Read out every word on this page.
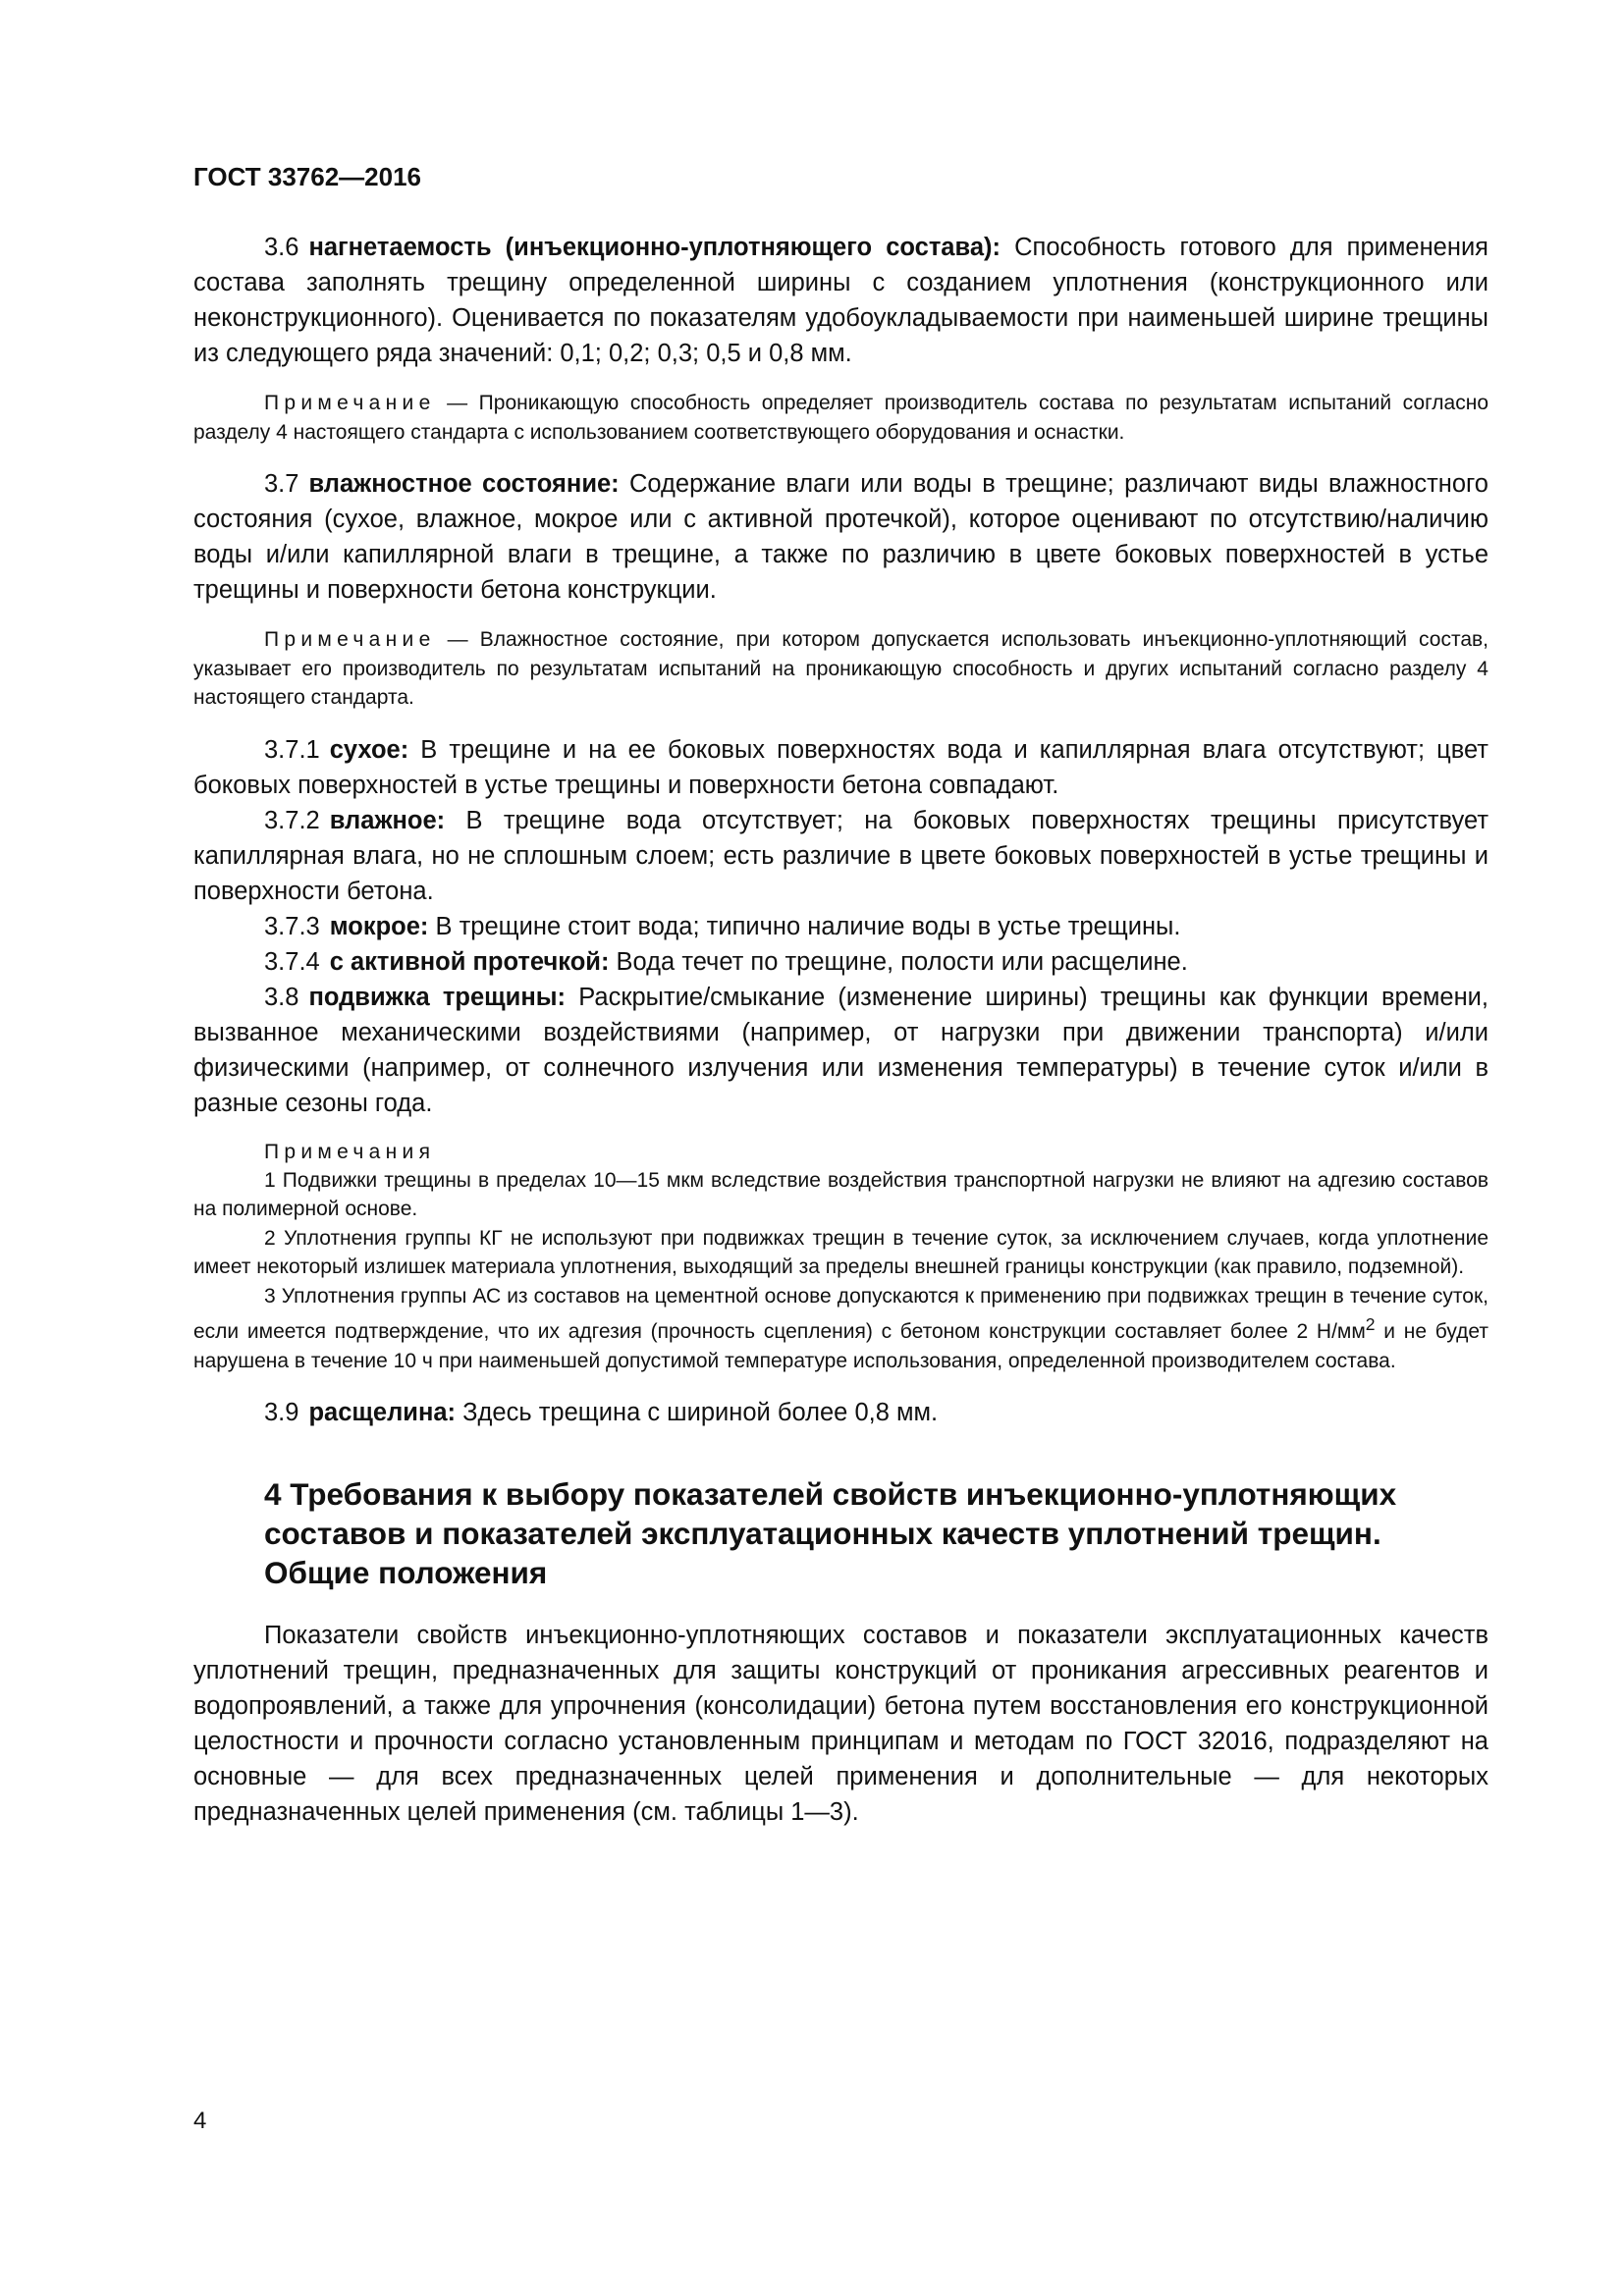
ГОСТ 33762—2016

3.6 нагнетаемость (инъекционно-уплотняющего состава): Способность готового для применения состава заполнять трещину определенной ширины с созданием уплотнения (конструкционного или неконструкционного). Оценивается по показателям удобоукладываемости при наименьшей ширине трещины из следующего ряда значений: 0,1; 0,2; 0,3; 0,5 и 0,8 мм.

Примечание — Проникающую способность определяет производитель состава по результатам испытаний согласно разделу 4 настоящего стандарта с использованием соответствующего оборудования и оснастки.

3.7 влажностное состояние: Содержание влаги или воды в трещине; различают виды влажностного состояния (сухое, влажное, мокрое или с активной протечкой), которое оценивают по отсутствию/наличию воды и/или капиллярной влаги в трещине, а также по различию в цвете боковых поверхностей в устье трещины и поверхности бетона конструкции.

Примечание — Влажностное состояние, при котором допускается использовать инъекционно-уплотняющий состав, указывает его производитель по результатам испытаний на проникающую способность и других испытаний согласно разделу 4 настоящего стандарта.

3.7.1 сухое: В трещине и на ее боковых поверхностях вода и капиллярная влага отсутствуют; цвет боковых поверхностей в устье трещины и поверхности бетона совпадают.

3.7.2 влажное: В трещине вода отсутствует; на боковых поверхностях трещины присутствует капиллярная влага, но не сплошным слоем; есть различие в цвете боковых поверхностей в устье трещины и поверхности бетона.

3.7.3 мокрое: В трещине стоит вода; типично наличие воды в устье трещины.

3.7.4 с активной протечкой: Вода течет по трещине, полости или расщелине.

3.8 подвижка трещины: Раскрытие/смыкание (изменение ширины) трещины как функции времени, вызванное механическими воздействиями (например, от нагрузки при движении транспорта) и/или физическими (например, от солнечного излучения или изменения температуры) в течение суток и/или в разные сезоны года.

Примечания

1 Подвижки трещины в пределах 10—15 мкм вследствие воздействия транспортной нагрузки не влияют на адгезию составов на полимерной основе.

2 Уплотнения группы КГ не используют при подвижках трещин в течение суток, за исключением случаев, когда уплотнение имеет некоторый излишек материала уплотнения, выходящий за пределы внешней границы конструкции (как правило, подземной).

3 Уплотнения группы АС из составов на цементной основе допускаются к применению при подвижках трещин в течение суток, если имеется подтверждение, что их адгезия (прочность сцепления) с бетоном конструкции составляет более 2 $Н/мм^2$ и не будет нарушена в течение 10 ч при наименьшей допустимой температуре использования, определенной производителем состава.

3.9 расщелина: Здесь трещина с шириной более 0,8 мм.

4 Требования к выбору показателей свойств инъекционно-уплотняющих
составов и показателей эксплуатационных качеств уплотнений трещин.
Общие положения

Показатели свойств инъекционно-уплотняющих составов и показатели эксплуатационных качеств уплотнений трещин, предназначенных для защиты конструкций от проникания агрессивных реагентов и водопроявлений, а также для упрочнения (консолидации) бетона путем восстановления его конструкционной целостности и прочности согласно установленным принципам и методам по ГОСТ 32016, подразделяют на основные — для всех предназначенных целей применения и дополнительные — для некоторых предназначенных целей применения (см. таблицы 1—3).

4
